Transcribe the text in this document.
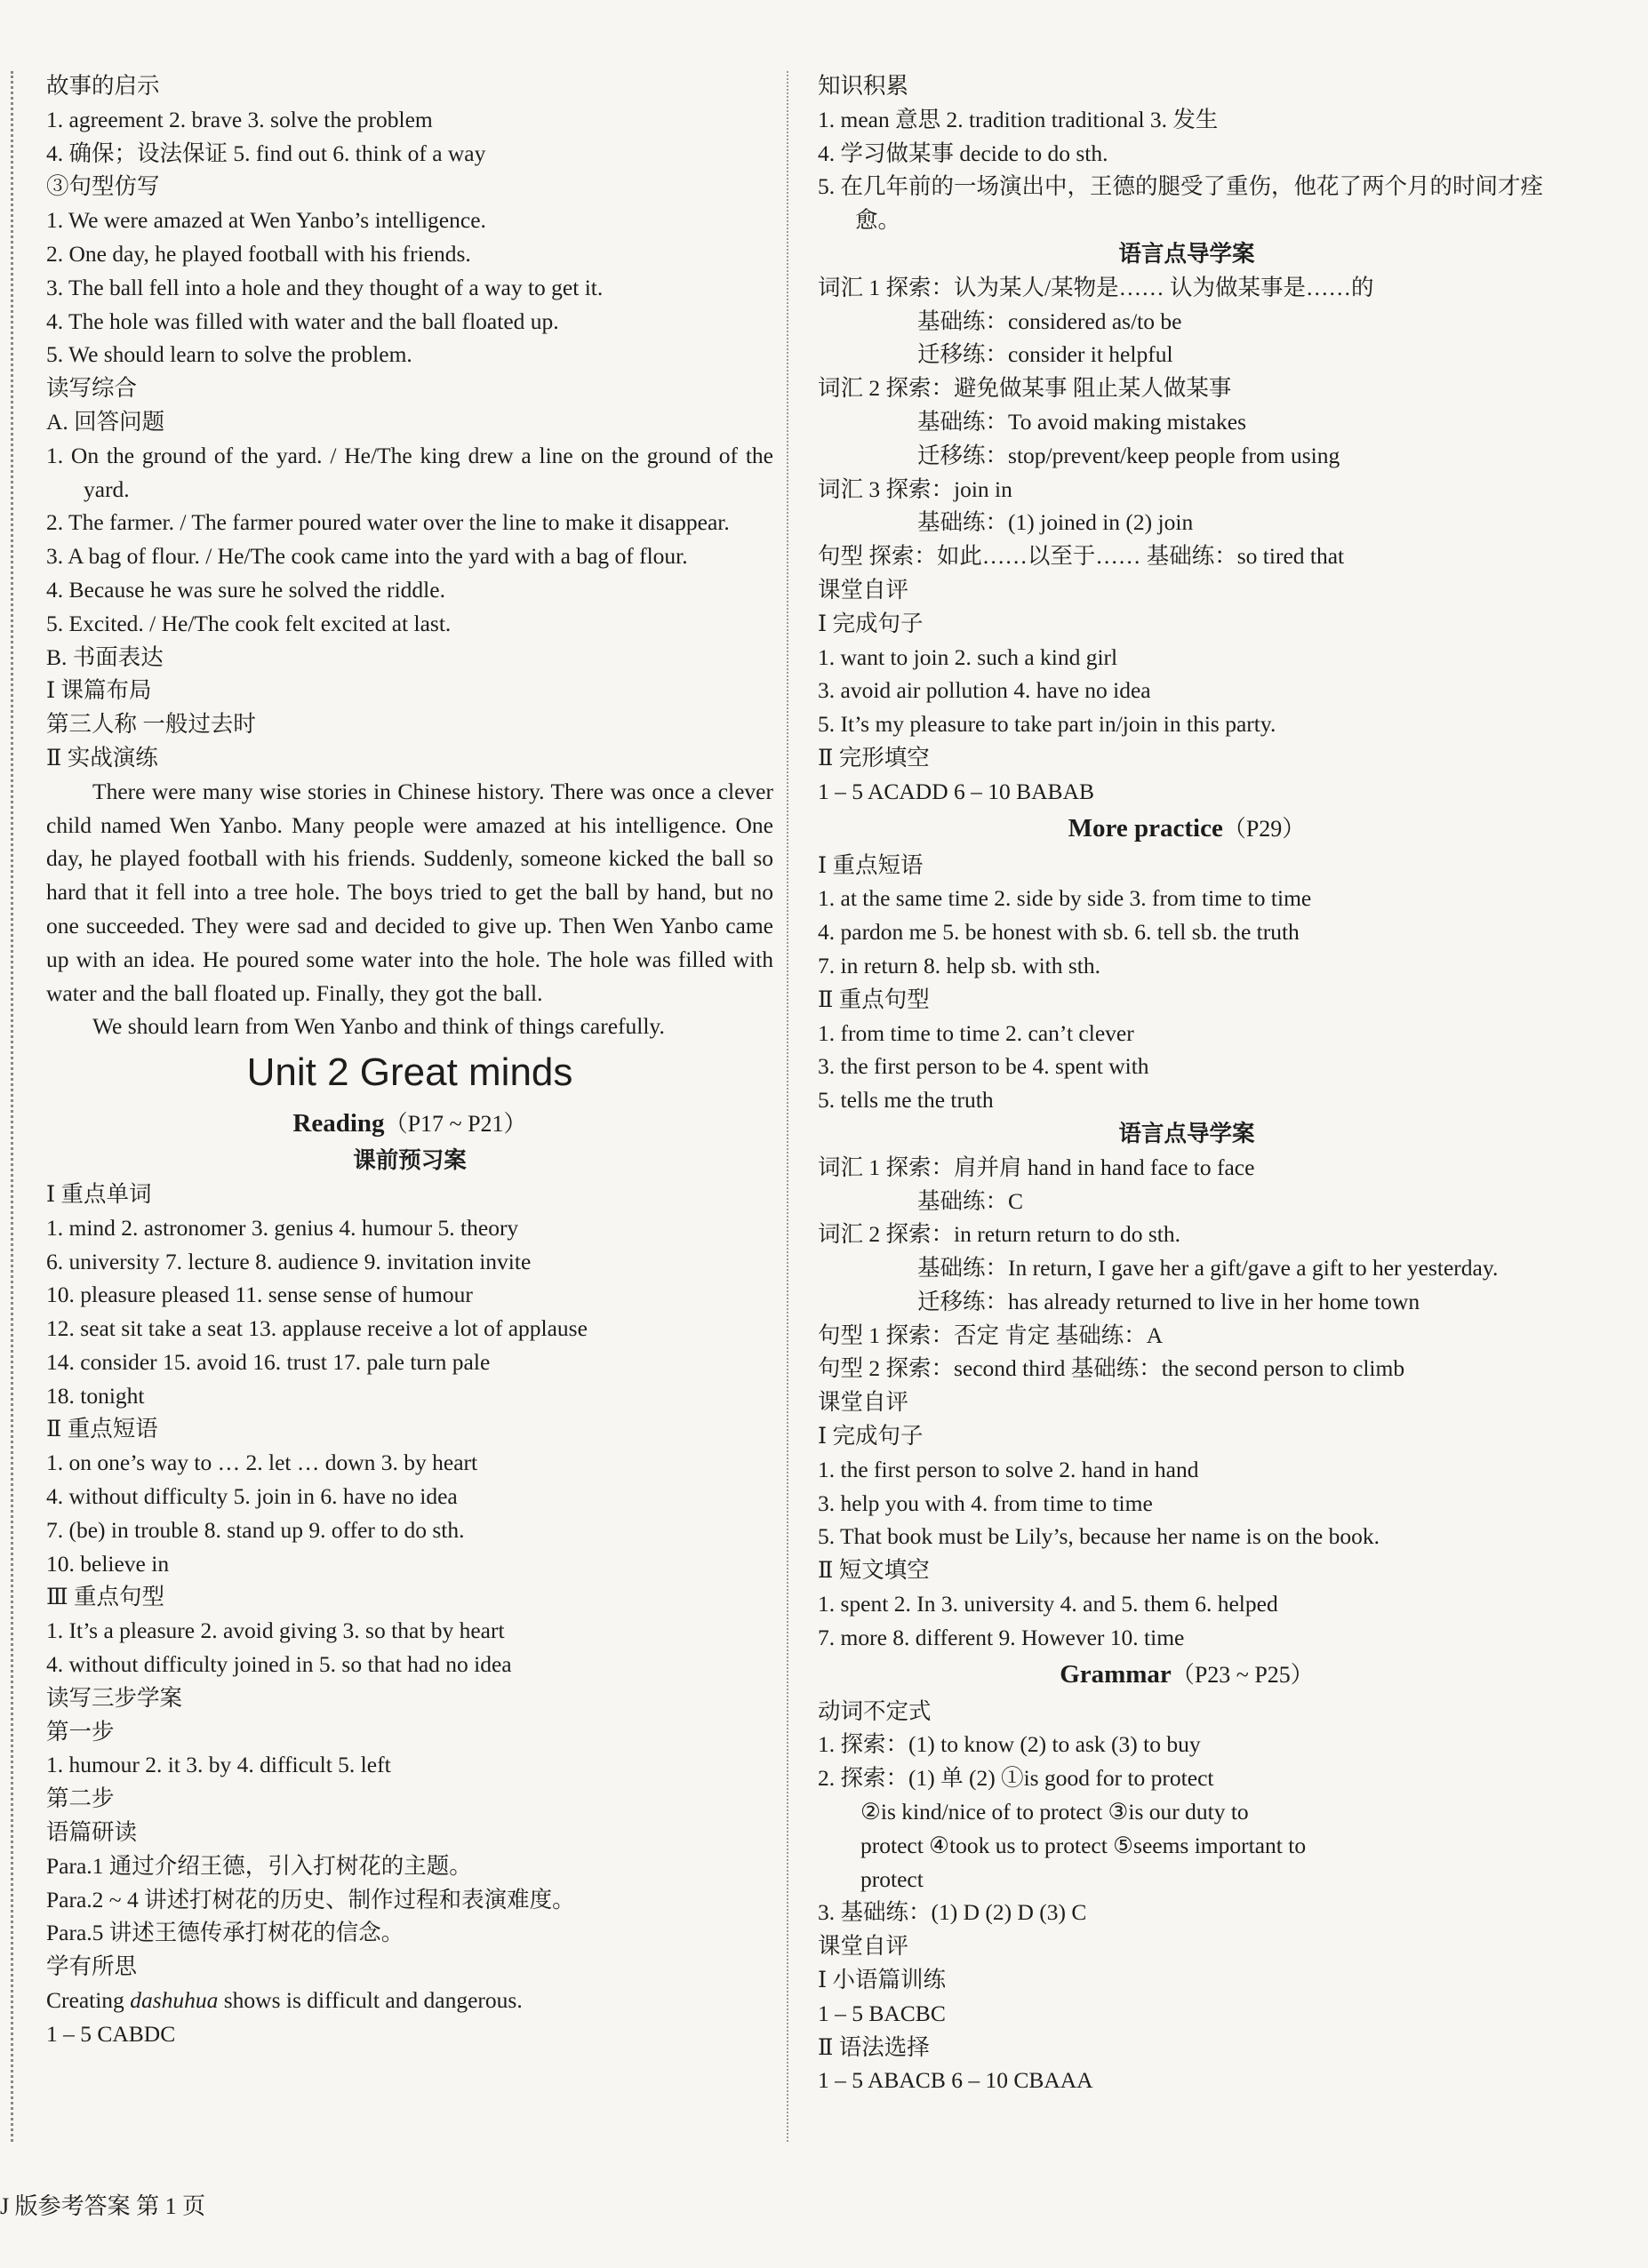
故事的启示
1. agreement 2. brave 3. solve the problem
4. 确保；设法保证 5. find out 6. think of a way
③句型仿写
1. We were amazed at Wen Yanbo’s intelligence.
2. One day, he played football with his friends.
3. The ball fell into a hole and they thought of a way to get it.
4. The hole was filled with water and the ball floated up.
5. We should learn to solve the problem.
读写综合
A. 回答问题
1. On the ground of the yard. / He/The king drew a line on the ground of the yard.
2. The farmer. / The farmer poured water over the line to make it disappear.
3. A bag of flour. / He/The cook came into the yard with a bag of flour.
4. Because he was sure he solved the riddle.
5. Excited. / He/The cook felt excited at last.
B. 书面表达
Ⅰ 课篇布局
第三人称 一般过去时
Ⅱ 实战演练
There were many wise stories in Chinese history. There was once a clever child named Wen Yanbo. Many people were amazed at his intelligence. One day, he played football with his friends. Suddenly, someone kicked the ball so hard that it fell into a tree hole. The boys tried to get the ball by hand, but no one succeeded. They were sad and decided to give up. Then Wen Yanbo came up with an idea. He poured some water into the hole. The hole was filled with water and the ball floated up. Finally, they got the ball.
We should learn from Wen Yanbo and think of things carefully.
Unit 2 Great minds
Reading（P17 ~ P21）
课前预习案
Ⅰ 重点单词
1. mind 2. astronomer 3. genius 4. humour 5. theory
6. university 7. lecture 8. audience 9. invitation invite
10. pleasure pleased 11. sense sense of humour
12. seat sit take a seat 13. applause receive a lot of applause
14. consider 15. avoid 16. trust 17. pale turn pale
18. tonight
Ⅱ 重点短语
1. on one’s way to … 2. let … down 3. by heart
4. without difficulty 5. join in 6. have no idea
7. (be) in trouble 8. stand up 9. offer to do sth.
10. believe in
Ⅲ 重点句型
1. It’s a pleasure 2. avoid giving 3. so that by heart
4. without difficulty joined in 5. so that had no idea
读写三步学案
第一步
1. humour 2. it 3. by 4. difficult 5. left
第二步
语篇研读
Para.1 通过介绍王德，引入打树花的主题。
Para.2 ~ 4 讲述打树花的历史、制作过程和表演难度。
Para.5 讲述王德传承打树花的信念。
学有所思
Creating dashuhua shows is difficult and dangerous.
1 – 5 CABDC
知识积累
1. mean 意思 2. tradition traditional 3. 发生
4. 学习做某事 decide to do sth.
5. 在几年前的一场演出中，王德的腿受了重伤，他花了两个月的时间才痊愈。
语言点导学案
词汇 1 探索：认为某人/某物是…… 认为做某事是……的
基础练：considered as/to be
迁移练：consider it helpful
词汇 2 探索：避免做某事 阻止某人做某事
基础练：To avoid making mistakes
迁移练：stop/prevent/keep people from using
词汇 3 探索：join in
基础练：(1) joined in (2) join
句型 探索：如此……以至于…… 基础练：so tired that
课堂自评
Ⅰ 完成句子
1. want to join 2. such a kind girl
3. avoid air pollution 4. have no idea
5. It’s my pleasure to take part in/join in this party.
Ⅱ 完形填空
1 – 5 ACADD 6 – 10 BABAB
More practice（P29）
Ⅰ 重点短语
1. at the same time 2. side by side 3. from time to time
4. pardon me 5. be honest with sb. 6. tell sb. the truth
7. in return 8. help sb. with sth.
Ⅱ 重点句型
1. from time to time 2. can’t clever
3. the first person to be 4. spent with
5. tells me the truth
语言点导学案
词汇 1 探索：肩并肩 hand in hand face to face
基础练：C
词汇 2 探索：in return return to do sth.
基础练：In return, I gave her a gift/gave a gift to her yesterday.
迁移练：has already returned to live in her home town
句型 1 探索：否定 肯定 基础练：A
句型 2 探索：second third 基础练：the second person to climb
课堂自评
Ⅰ 完成句子
1. the first person to solve 2. hand in hand
3. help you with 4. from time to time
5. That book must be Lily’s, because her name is on the book.
Ⅱ 短文填空
1. spent 2. In 3. university 4. and 5. them 6. helped
7. more 8. different 9. However 10. time
Grammar（P23 ~ P25）
动词不定式
1. 探索：(1) to know (2) to ask (3) to buy
2. 探索：(1) 单 (2) ①is good for to protect
②is kind/nice of to protect ③is our duty to
protect ④took us to protect ⑤seems important to
protect
3. 基础练：(1) D (2) D (3) C
课堂自评
Ⅰ 小语篇训练
1 – 5 BACBC
Ⅱ 语法选择
1 – 5 ABACB 6 – 10 CBAAA
J 版参考答案 第 1 页
